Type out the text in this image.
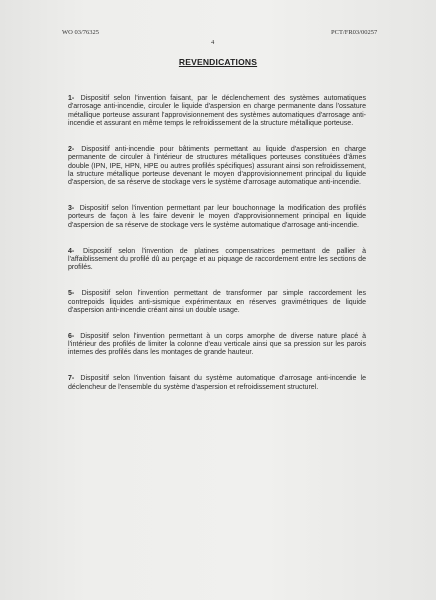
WO 03/76325	PCT/FR03/00257
4
REVENDICATIONS

1- Dispositif selon l'invention faisant, par le déclenchement des systèmes automatiques d'arrosage anti-incendie, circuler le liquide d'aspersion en charge permanente dans l'ossature métallique porteuse assurant l'approvisionnement des systèmes automatiques d'arrosage anti-incendie et assurant en même temps le refroidissement de la structure métallique porteuse.

2- Dispositif anti-incendie pour bâtiments permettant au liquide d'aspersion en charge permanente de circuler à l'intérieur de structures métalliques porteuses constituées d'âmes double (IPN, IPE, HPN, HPE ou autres profilés spécifiques) assurant ainsi son refroidissement, la structure métallique porteuse devenant le moyen d'approvisionnement principal du liquide d'aspersion, de sa réserve de stockage vers le système d'arrosage automatique anti-incendie.

3- Dispositif selon l'invention permettant par leur bouchonnage la modification des profilés porteurs de façon à les faire devenir le moyen d'approvisionnement principal en liquide d'aspersion de sa réserve de stockage vers le système automatique d'arrosage anti-incendie.

4- Dispositif selon l'invention de platines compensatrices permettant de pallier à l'affaiblissement du profilé dû au perçage et au piquage de raccordement entre les sections de profilés.

5- Dispositif selon l'invention permettant de transformer par simple raccordement les contrepoids liquides anti-sismique expérimentaux en réserves gravimétriques de liquide d'aspersion anti-incendie créant ainsi un double usage.

6- Dispositif selon l'invention permettant à un corps amorphe de diverse nature placé à l'intérieur des profilés de limiter la colonne d'eau verticale ainsi que sa pression sur les parois internes des profilés dans les montages de grande hauteur.

7- Dispositif selon l'invention faisant du système automatique d'arrosage anti-incendie le déclencheur de l'ensemble du système d'aspersion et refroidissement structurel.
